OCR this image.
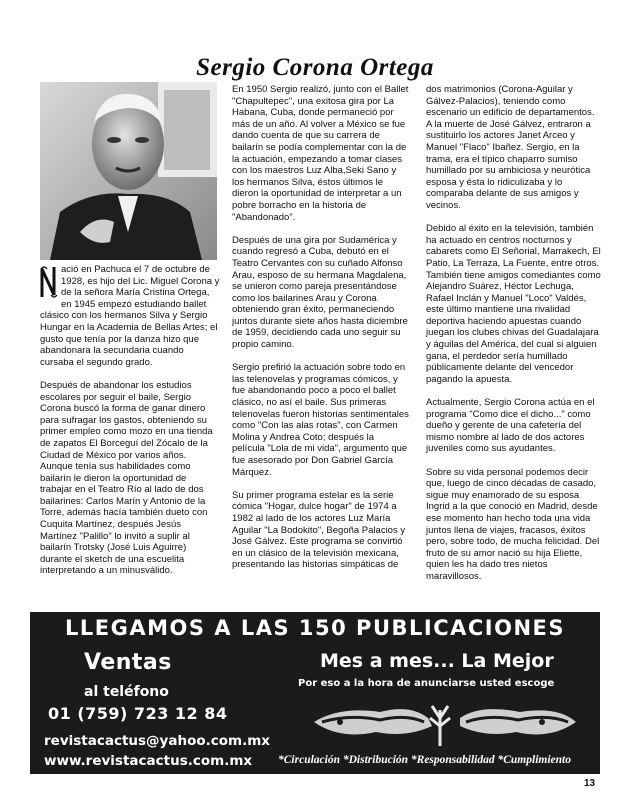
Sergio Corona Ortega

ació en Pachuca el 7 de octubre de 1928, es hijo del Lic. Miguel Corona y de la señora María Cristina Ortega, en 1945 empezó estudiando ballet clásico con los hermanos Silva y Sergio Hungar en la Academia de Bellas Artes; el gusto que tenía por la danza hizo que abandonara la secundaria cuando cursaba el segundo grado.

Después de abandonar los estudios escolares por seguir el baile, Sergio Corona buscó la forma de ganar dinero para sufragar los gastos, obteniendo su primer empleo como mozo en una tienda de zapatos El Borceguí del Zócalo de la Ciudad de México por varios años. Aunque tenía sus habilidades como bailarín le dieron la oportunidad de trabajar en el Teatro Río al lado de dos bailarines: Carlos Marín y Antonio de la Torre, además hacía también dueto con Cuquita Martínez, después Jesús Martínez "Palillo" lo invitó a suplir al bailarín Trotsky (José Luis Aguirre) durante el sketch de una escuelita interpretando a un minusválido.

En 1950 Sergio realizó, junto con el Ballet "Chapultepec", una exitosa gira por La Habana, Cuba, donde permaneció por más de un año. Al volver a México se fue dando cuenta de que su carrera de bailarín se podía complementar con la de la actuación, empezando a tomar clases con los maestros Luz Alba,Seki Sano y los hermanos Silva, éstos últimos le dieron la oportunidad de interpretar a un pobre borracho en la historia de "Abandonado".

Después de una gira por Sudamérica y cuando regresó a Cuba, debutó en el Teatro Cervantes con su cuñado Alfonso Arau, esposo de su hermana Magdalena, se unieron como pareja presentándose como los bailarines Arau y Corona obteniendo gran éxito, permaneciendo juntos durante siete años hasta diciembre de 1959, decidiendo cada uno seguir su propio camino.

Sergio prefirió la actuación sobre todo en las telenovelas y programas cómicos, y fue abandonando poco a poco el ballet clásico, no así el baile. Sus primeras telenovelas fueron historias sentimentales como "Con las alas rotas", con Carmen Molina y Andrea Coto; después la película "Lola de mi vida", argumento que fue asesorado por Don Gabriel García Márquez.

Su primer programa estelar es la serie cómica "Hogar, dulce hogar" de 1974 a 1982 al lado de los actores Luz María Aguilar "La Bodokito", Begoña Palacios y José Gálvez. Este programa se convirtió en un clásico de la televisión mexicana, presentando las historias simpáticas de

dos matrimonios (Corona-Aguilar y Gálvez-Palacios), teniendo como escenario un edificio de departamentos. A la muerte de José Gálvez, entraron a sustituirlo los actores Janet Arceo y Manuel "Flaco" Ibañez. Sergio, en la trama, era el típico chaparro sumiso humillado por su ambiciosa y neurótica esposa y ésta lo ridiculizaba y lo comparaba delante de sus amigos y vecinos.

Debido al éxito en la televisión, también ha actuado en centros nocturnos y cabarets como El Señorial, Marrakech, El Patio, La Terraza, La Fuente, entre otros. También tiene amigos comediantes como Alejandro Suárez, Héctor Lechuga, Rafael Inclán y Manuel "Loco" Valdés, este último mantiene una rivalidad deportiva haciendo apuestas cuando juegan los clubes chivas del Guadalajara y águilas del América, del cual si alguien gana, el perdedor sería humillado públicamente delante del vencedor pagando la apuesta.

Actualmente, Sergio Corona actúa en el programa "Como dice el dicho..." como dueño y gerente de una cafetería del mismo nombre al lado de dos actores juveniles como sus ayudantes.

Sobre su vida personal podemos decir que, luego de cinco décadas de casado, sigue muy enamorado de su esposa Ingrid a la que conoció en Madrid, desde ese momento han hecho toda una vida juntos llena de viajes, fracasos, éxitos pero, sobre todo, de mucha felicidad. Del fruto de su amor nació su hija Eliette, quien les ha dado tres nietos maravillosos.

LLEGAMOS A LAS 150 PUBLICACIONES
Ventas
al teléfono
01 (759) 723 12 84
revistacactus@yahoo.com.mx
www.revistacactus.com.mx
Mes a mes... La Mejor
Por eso a la hora de anunciarse usted escoge
*Circulación *Distribución *Responsabilidad *Cumplimiento
13
